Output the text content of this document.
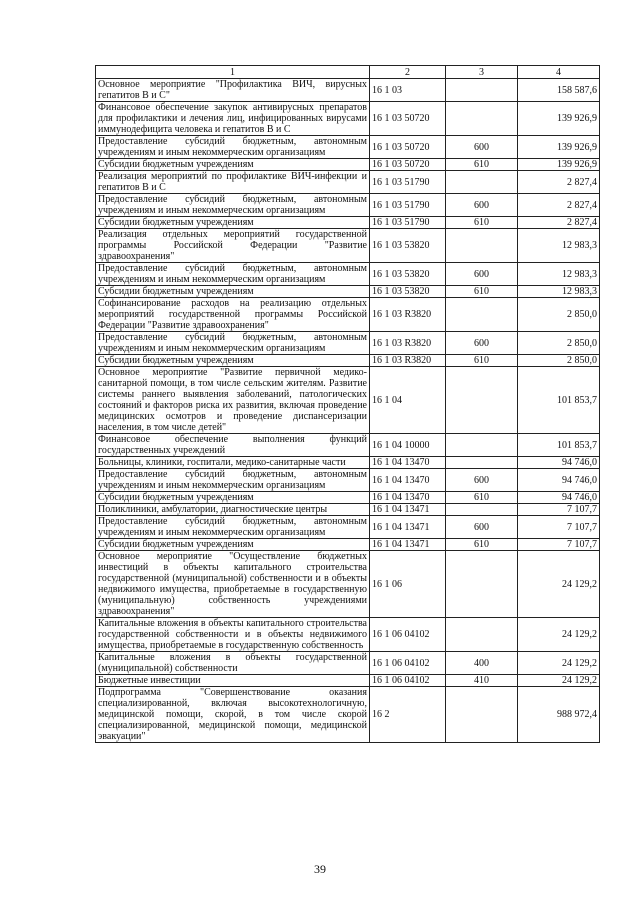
1	2	3	4
Основное мероприятие "Профилактика ВИЧ, вирусных гепатитов В и С"	16 1 03		158 587,6
Финансовое обеспечение закупок антивирусных препаратов для профилактики и лечения лиц, инфицированных вирусами иммунодефицита человека и гепатитов В и С	16 1 03 50720		139 926,9
Предоставление субсидий бюджетным, автономным учреждениям и иным некоммерческим организациям	16 1 03 50720	600	139 926,9
Субсидии бюджетным учреждениям	16 1 03 50720	610	139 926,9
Реализация мероприятий по профилактике ВИЧ-инфекции и гепатитов В и С	16 1 03 51790		2 827,4
Предоставление субсидий бюджетным, автономным учреждениям и иным некоммерческим организациям	16 1 03 51790	600	2 827,4
Субсидии бюджетным учреждениям	16 1 03 51790	610	2 827,4
Реализация отдельных мероприятий государственной программы Российской Федерации "Развитие здравоохранения"	16 1 03 53820		12 983,3
Предоставление субсидий бюджетным, автономным учреждениям и иным некоммерческим организациям	16 1 03 53820	600	12 983,3
Субсидии бюджетным учреждениям	16 1 03 53820	610	12 983,3
Софинансирование расходов на реализацию отдельных мероприятий государственной программы Российской Федерации "Развитие здравоохранения"	16 1 03 R3820		2 850,0
Предоставление субсидий бюджетным, автономным учреждениям и иным некоммерческим организациям	16 1 03 R3820	600	2 850,0
Субсидии бюджетным учреждениям	16 1 03 R3820	610	2 850,0
Основное мероприятие "Развитие первичной медико-санитарной помощи, в том числе сельским жителям. Развитие системы раннего выявления заболеваний, патологических состояний и факторов риска их развития, включая проведение медицинских осмотров и проведение диспансеризации населения, в том числе детей"	16 1 04		101 853,7
Финансовое обеспечение выполнения функций государственных учреждений	16 1 04 10000		101 853,7
Больницы, клиники, госпитали, медико-санитарные части	16 1 04 13470		94 746,0
Предоставление субсидий бюджетным, автономным учреждениям и иным некоммерческим организациям	16 1 04 13470	600	94 746,0
Субсидии бюджетным учреждениям	16 1 04 13470	610	94 746,0
Поликлиники, амбулатории, диагностические центры	16 1 04 13471		7 107,7
Предоставление субсидий бюджетным, автономным учреждениям и иным некоммерческим организациям	16 1 04 13471	600	7 107,7
Субсидии бюджетным учреждениям	16 1 04 13471	610	7 107,7
Основное мероприятие "Осуществление бюджетных инвестиций в объекты капитального строительства государственной (муниципальной) собственности и в объекты недвижимого имущества, приобретаемые в государственную (муниципальную) собственность учреждениями здравоохранения"	16 1 06		24 129,2
Капитальные вложения в объекты капитального строительства государственной собственности и в объекты недвижимого имущества, приобретаемые в государственную собственность	16 1 06 04102		24 129,2
Капитальные вложения в объекты государственной (муниципальной) собственности	16 1 06 04102	400	24 129,2
Бюджетные инвестиции	16 1 06 04102	410	24 129,2
Подпрограмма "Совершенствование оказания специализированной, включая высокотехнологичную, медицинской помощи, скорой, в том числе скорой специализированной, медицинской помощи, медицинской эвакуации"	16 2		988 972,4
39
